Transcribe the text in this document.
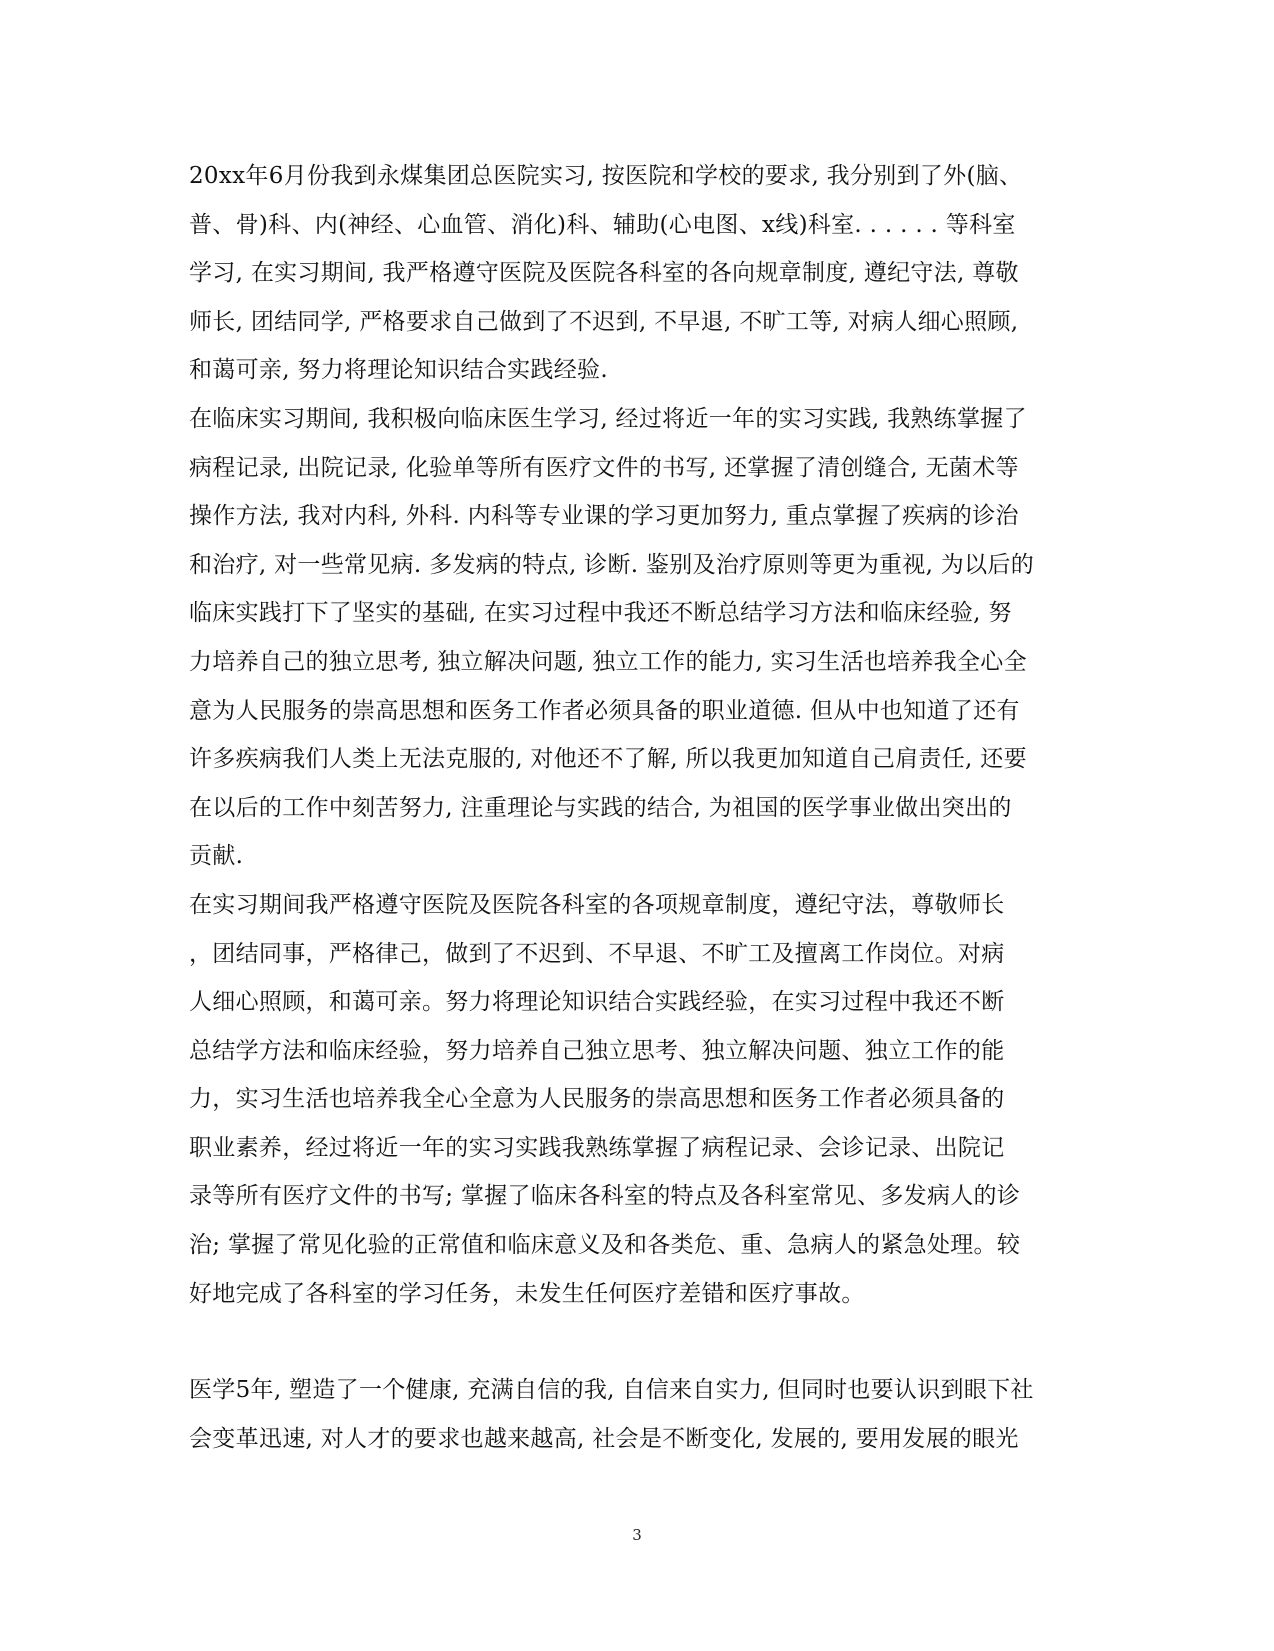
20xx年6月份我到永煤集团总医院实习, 按医院和学校的要求, 我分别到了外(脑、
普、骨)科、内(神经、心血管、消化)科、辅助(心电图、x线)科室. . . . . . 等科室
学习, 在实习期间, 我严格遵守医院及医院各科室的各向规章制度, 遵纪守法, 尊敬
师长, 团结同学, 严格要求自己做到了不迟到, 不早退, 不旷工等, 对病人细心照顾,
和蔼可亲, 努力将理论知识结合实践经验.
在临床实习期间, 我积极向临床医生学习, 经过将近一年的实习实践, 我熟练掌握了
病程记录, 出院记录, 化验单等所有医疗文件的书写, 还掌握了清创缝合, 无菌术等
操作方法, 我对内科, 外科. 内科等专业课的学习更加努力, 重点掌握了疾病的诊治
和治疗, 对一些常见病. 多发病的特点, 诊断. 鉴别及治疗原则等更为重视, 为以后的
临床实践打下了坚实的基础, 在实习过程中我还不断总结学习方法和临床经验, 努
力培养自己的独立思考, 独立解决问题, 独立工作的能力, 实习生活也培养我全心全
意为人民服务的崇高思想和医务工作者必须具备的职业道德. 但从中也知道了还有
许多疾病我们人类上无法克服的, 对他还不了解, 所以我更加知道自己肩责任, 还要
在以后的工作中刻苦努力, 注重理论与实践的结合, 为祖国的医学事业做出突出的
贡献.
在实习期间我严格遵守医院及医院各科室的各项规章制度，遵纪守法，尊敬师长
，团结同事，严格律己，做到了不迟到、不早退、不旷工及擅离工作岗位。对病
人细心照顾，和蔼可亲。努力将理论知识结合实践经验，在实习过程中我还不断
总结学方法和临床经验，努力培养自己独立思考、独立解决问题、独立工作的能
力，实习生活也培养我全心全意为人民服务的崇高思想和医务工作者必须具备的
职业素养，经过将近一年的实习实践我熟练掌握了病程记录、会诊记录、出院记
录等所有医疗文件的书写; 掌握了临床各科室的特点及各科室常见、多发病人的诊
治; 掌握了常见化验的正常值和临床意义及和各类危、重、急病人的紧急处理。较
好地完成了各科室的学习任务，未发生任何医疗差错和医疗事故。
医学5年, 塑造了一个健康, 充满自信的我, 自信来自实力, 但同时也要认识到眼下社
会变革迅速, 对人才的要求也越来越高, 社会是不断变化, 发展的, 要用发展的眼光
3
